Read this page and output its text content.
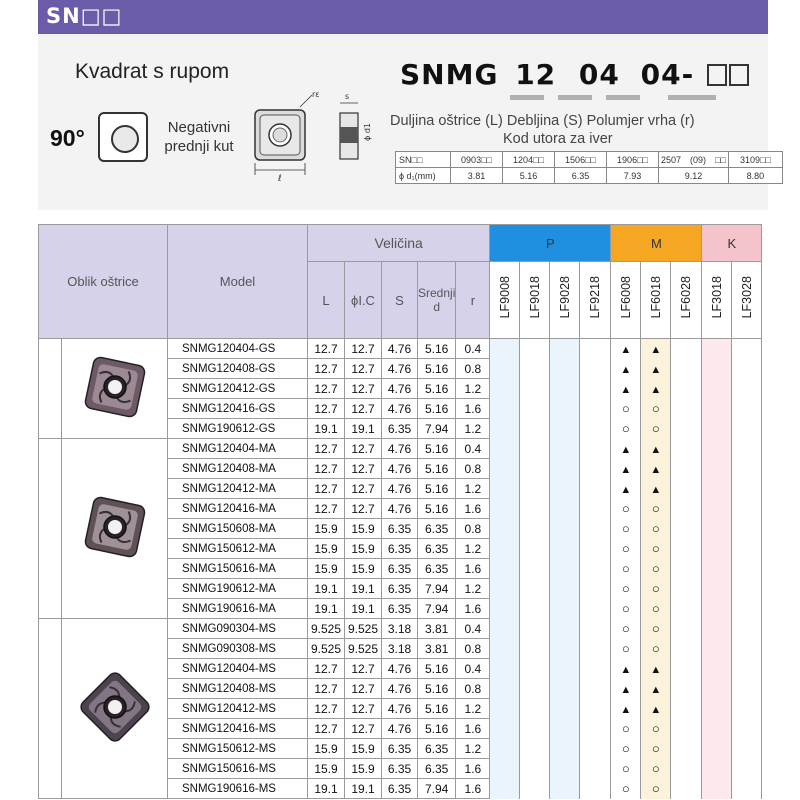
SN□□
Kvadrat s rupom
90°	Negativni prednji kut
rε
ℓ
s
ϕ d1
SNMG 12 04 04-
Duljina oštrice (L) Debljina (S) Polumjer vrha (r)
Kod utora za iver
SN□□	0903□□	1204□□	1506□□	1906□□	2507　(09)　□□	3109□□
ϕ d₁(mm)	3.81	5.16	6.35	7.93	9.12	8.80
Oblik oštrice		Model	Veličina					P				M			K	
			L	ϕI.C	S	Srednji d	r	LF9008	LF9018	LF9028	LF9218	LF6008	LF6018	LF6028	LF3018	LF3028
		SNMG120404-GS	12.7	12.7	4.76	5.16	0.4					▲	▲			
		SNMG120408-GS	12.7	12.7	4.76	5.16	0.8					▲	▲			
		SNMG120412-GS	12.7	12.7	4.76	5.16	1.2					▲	▲			
		SNMG120416-GS	12.7	12.7	4.76	5.16	1.6					○	○			
		SNMG190612-GS	19.1	19.1	6.35	7.94	1.2					○	○			
		SNMG120404-MA	12.7	12.7	4.76	5.16	0.4					▲	▲			
		SNMG120408-MA	12.7	12.7	4.76	5.16	0.8					▲	▲			
		SNMG120412-MA	12.7	12.7	4.76	5.16	1.2					▲	▲			
		SNMG120416-MA	12.7	12.7	4.76	5.16	1.6					○	○			
		SNMG150608-MA	15.9	15.9	6.35	6.35	0.8					○	○			
		SNMG150612-MA	15.9	15.9	6.35	6.35	1.2					○	○			
		SNMG150616-MA	15.9	15.9	6.35	6.35	1.6					○	○			
		SNMG190612-MA	19.1	19.1	6.35	7.94	1.2					○	○			
		SNMG190616-MA	19.1	19.1	6.35	7.94	1.6					○	○			
		SNMG090304-MS	9.525	9.525	3.18	3.81	0.4					○	○			
		SNMG090308-MS	9.525	9.525	3.18	3.81	0.8					○	○			
		SNMG120404-MS	12.7	12.7	4.76	5.16	0.4					▲	▲			
		SNMG120408-MS	12.7	12.7	4.76	5.16	0.8					▲	▲			
		SNMG120412-MS	12.7	12.7	4.76	5.16	1.2					▲	▲			
		SNMG120416-MS	12.7	12.7	4.76	5.16	1.6					○	○			
		SNMG150612-MS	15.9	15.9	6.35	6.35	1.2					○	○			
		SNMG150616-MS	15.9	15.9	6.35	6.35	1.6					○	○			
		SNMG190616-MS	19.1	19.1	6.35	7.94	1.6					○	○			
